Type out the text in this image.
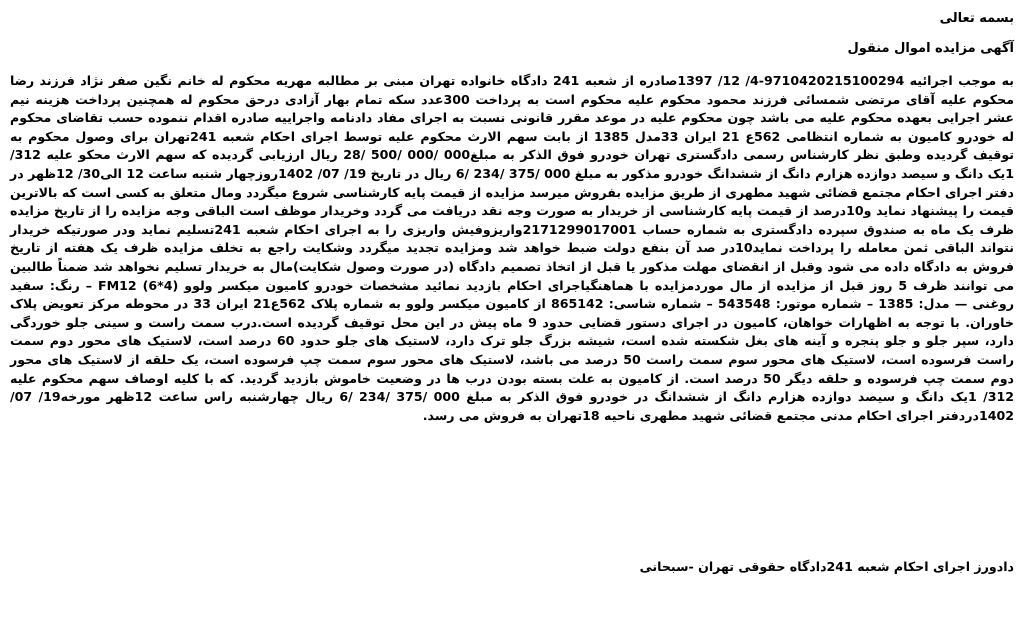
بسمه تعالی
آگهی مزایده اموال منقول
به موجب اجرائیه 9710420215100294-4/ 12/ 1397صادره از شعبه 241 دادگاه خانواده تهران مبنی بر مطالبه مهریه محکوم له خانم نگین صفر نژاد فرزند رضا محکوم علیه آقای مرتضی شمسائی فرزند محمود محکوم علیه محکوم است به پرداخت 300عدد سکه تمام بهار آزادی درحق محکوم له همچنین پرداخت هزینه نیم عشر اجرایی بعهده محکوم علیه می باشد چون محکوم علیه در موعد مقرر قانونی نسبت به اجرای مفاد دادنامه واجراییه صادره اقدام ننموده حسب تقاضای محکوم له خودرو کامیون به شماره انتظامی 562ع 21 ایران 33مدل 1385 از بابت سهم الارث محکوم علیه توسط اجرای احکام شعبه 241تهران برای وصول محکوم به توقیف گردیده وطبق نظر کارشناس رسمی دادگستری تهران خودرو فوق الذکر به مبلغ000 /000 /500 /28 ریال ارزیابی گردیده که سهم الارث محکو علیه 312/ 1یک دانگ و سیصد دوازده هزارم دانگ از ششدانگ خودرو مذکور به مبلغ 000 /375 /234 /6 ریال در تاریخ 19/ 07/ 1402روزچهار شنبه ساعت 12 الی30/ 12ظهر در دفتر اجرای احکام مجتمع قضائی شهید مطهری از طریق مزایده بفروش میرسد مزایده از قیمت پایه کارشناسی شروع میگردد ومال متعلق به کسی است که بالاترین قیمت را پیشنهاد نماید و10درصد از قیمت پایه کارشناسی از خریدار به صورت وجه نقد دریافت می گردد وخریدار موظف است الباقی وجه مزایده را از تاریخ مزایده ظرف یک ماه به صندوق سپرده دادگستری به شماره حساب 2171299017001واریزوفیش واریزی را به اجرای احکام شعبه 241تسلیم نماید ودر صورتیکه خریدار نتواند الباقی ثمن معامله را پرداخت نماید10در صد آن بنفع دولت ضبط خواهد شد ومزایده تجدید میگردد وشکایت راجع به تخلف مزایده ظرف یک هفته از تاریخ فروش به دادگاه داده می شود وقبل از انقضای مهلت مذکور یا قبل از اتخاذ تصمیم دادگاه (در صورت وصول شکایت)مال به خریدار تسلیم نخواهد شد ضمناً طالبین می توانند ظرف 5 روز قبل از مزایده از مال موردمزایده با هماهنگیاجرای احکام بازدید نمائید مشخصات خودرو کامیون میکسر ولوو (4*6) FM12 – رنگ: سفید روغنی — مدل: 1385 – شماره موتور: 543548 – شماره شاسی: 865142 از کامیون میکسر ولوو به شماره پلاک 562ع21 ایران 33 در محوطه مرکز تعویض پلاک خاوران. با توجه به اظهارات خواهان، کامیون در اجرای دستور قضایی حدود 9 ماه پیش در این محل توقیف گردیده است.درب سمت راست و سینی جلو خوردگی دارد، سپر جلو و جلو پنجره و آینه های بغل شکسته شده است، شیشه بزرگ جلو ترک دارد، لاستیک های جلو حدود 60 درصد است، لاستیک های محور دوم سمت راست فرسوده است، لاستیک های محور سوم سمت راست 50 درصد می باشد، لاستیک های محور سوم سمت چپ فرسوده است، یک حلقه از لاستیک های محور دوم سمت چپ فرسوده و حلقه دیگر 50 درصد است. از کامیون به علت بسته بودن درب ها در وضعیت خاموش بازدید گردید. که با کلیه اوصاف سهم محکوم علیه 312/ 1یک دانگ و سیصد دوازده هزارم دانگ از ششدانگ در خودرو فوق الذکر به مبلغ 000 /375 /234 /6 ریال چهارشنبه راس ساعت 12ظهر مورخه19/ 07/ 1402دردفتر اجرای احکام مدنی مجتمع قضائی شهید مطهری ناحیه 18تهران به فروش می رسد.
دادورز اجرای احکام شعبه 241دادگاه حقوقی تهران -سبحانی
